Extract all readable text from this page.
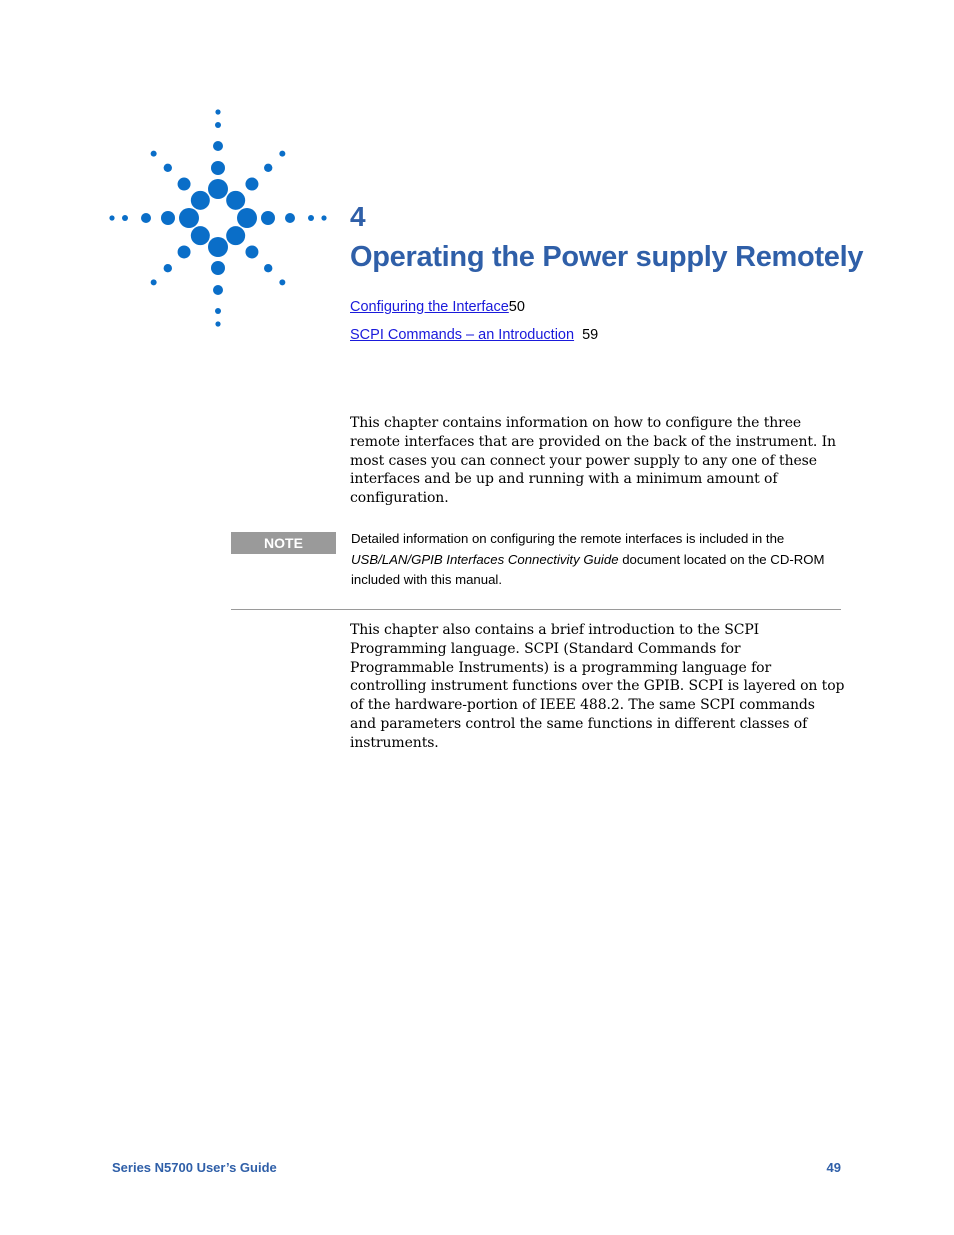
4
Operating the Power supply Remotely
Configuring the Interface50
SCPI Commands – an Introduction 59

This chapter contains information on how to configure the three remote interfaces that are provided on the back of the instrument. In most cases you can connect your power supply to any one of these interfaces and be up and running with a minimum amount of configuration.

NOTE	Detailed information on configuring the remote interfaces is included in the USB/LAN/GPIB Interfaces Connectivity Guide document located on the CD-ROM included with this manual.

This chapter also contains a brief introduction to the SCPI Programming language. SCPI (Standard Commands for Programmable Instruments) is a programming language for controlling instrument functions over the GPIB. SCPI is layered on top of the hardware-portion of IEEE 488.2. The same SCPI commands and parameters control the same functions in different classes of instruments.

Series N5700 User’s Guide	49
